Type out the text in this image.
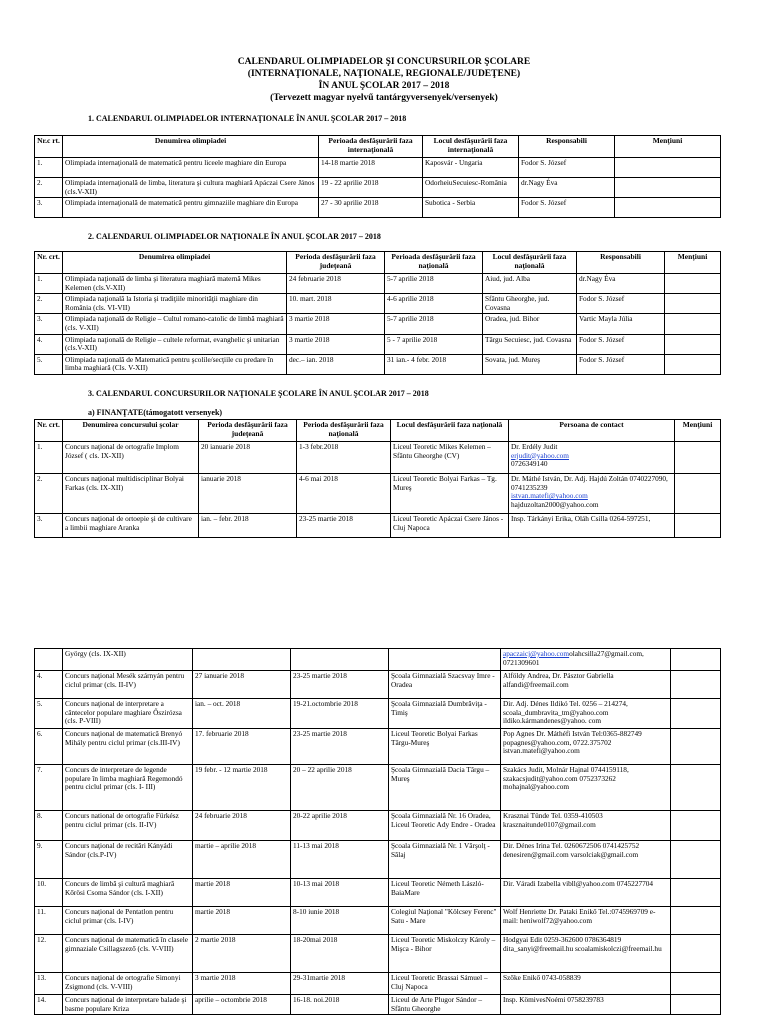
CALENDARUL OLIMPIADELOR ŞI CONCURSURILOR ŞCOLARE
(INTERNAŢIONALE, NAŢIONALE, REGIONALE/JUDEŢENE)
ÎN ANUL ŞCOLAR 2017 – 2018
(Tervezett magyar nyelvű tantárgyversenyek/versenyek)
1. CALENDARUL OLIMPIADELOR INTERNAŢIONALE ÎN ANUL ŞCOLAR 2017 – 2018
Nr.c rt.	Denumirea olimpiadei	Perioada desfăşurării faza internaţională	Locul desfăşurării faza internaţională	Responsabili	Menţiuni
1.	Olimpiada internaţională de matematică pentru liceele maghiare din Europa	14-18 martie 2018	Kaposvár - Ungaria	Fodor S. József	
2.	Olimpiada internaţională de limba, literatura şi cultura maghiară Apáczai Csere János (cls.V-XII)	19 - 22 aprilie 2018	OdorheiuSecuiesc-România	dr.Nagy Éva	
3.	Olimpiada internaţională de matematică pentru gimnaziile maghiare din Europa	27 - 30 aprilie 2018	Subotica - Serbia	Fodor S. József	
2. CALENDARUL OLIMPIADELOR NAŢIONALE ÎN ANUL ŞCOLAR 2017 – 2018
Nr. crt.	Denumirea olimpiadei	Perioda desfăşurării faza judeţeană	Perioada desfăşurării faza naţională	Locul desfăşurării faza naţională	Responsabili	Menţiuni
1.	Olimpiada naţională de limba şi literatura maghiară maternă Mikes Kelemen (cls.V-XII)	24 februarie 2018	5-7 aprilie 2018	Aiud, jud. Alba	dr.Nagy Éva	
2.	Olimpiada naţională la Istoria şi tradiţiile minorităţii maghiare din România (cls. VI-VII)	10. mart. 2018	4-6 aprilie 2018	Sfântu Gheorghe, jud. Covasna	Fodor S. József	
3.	Olimpiada naţională de Religie – Cultul romano-catolic de limbă maghiară (cls. V-XII)	3 martie 2018	5-7 aprilie 2018	Oradea, jud. Bihor	Vartic Mayla Júlia	
4.	Olimpiada naţională de Religie – cultele reformat, evanghelic şi unitarian (cls.V-XII)	3 martie 2018	5 - 7 aprilie 2018	Târgu Secuiesc, jud. Covasna	Fodor S. József	
5.	Olimpiada naţională de Matematică pentru şcolile/secţiile cu predare în limba maghiară (Cls. V-XII)	dec.– ian. 2018	31 ian.- 4 febr. 2018	Sovata, jud. Mureş	Fodor S. József	
3. CALENDARUL CONCURSURILOR NAŢIONALE ŞCOLARE ÎN ANUL ŞCOLAR 2017 – 2018
a) FINANŢATE(támogatott versenyek)
Nr. crt.	Denumirea concursului şcolar	Perioda desfăşurării faza judeţeană	Perioda desfăşurării faza naţională	Locul desfăşurării faza naţională	Persoana de contact	Menţiuni
1.	Concurs naţional de ortografie Implom József ( cls. IX-XII)	20 ianuarie 2018	1-3 febr.2018	Liceul Teoretic Mikes Kelemen – Sfântu Gheorghe (CV)	Dr. Erdély Judit
erjudit@yahoo.com
0726349140	
2.	Concurs naţional multidisciplinar Bolyai Farkas (cls. IX-XII)	ianuarie 2018	4-6 mai 2018	Liceul Teoretic Bolyai Farkas – Tg. Mureş	Dr. Máthé István, Dr. Adj. Hajdú Zoltán 0740227090, 0741235239
istvan.matefi@yahoo.com
hajduzoltan2000@yahoo.com	
3.	Concurs naţional de ortoepie şi de cultivare a limbii maghiare Aranka	ian. – febr. 2018	23-25 martie 2018	Liceul Teoretic Apáczai Csere János - Cluj Napoca	Insp. Tárkányi Erika, Oláh Csilla 0264-597251,	
	György (cls. IX-XII)				apaczaicj@yahoo.comolahcsilla27@gmail.com, 0721309601	
4.	Concurs naţional Mesék szárnyán pentru ciclul primar (cls. II-IV)	27 ianuarie 2018	23-25 martie 2018	Şcoala Gimnazială Szacsvay Imre - Oradea	Alföldy Andrea, Dr. Pásztor Gabriella alfandi@freemail.com	
5.	Concurs naţional de interpretare a cântecelor populare maghiare Őszirózsa (cls. P-VIII)	ian. – oct. 2018	19-21.octombrie 2018	Şcoala Gimnazială Dumbrăviţa - Timiş	Dir. Adj. Dénes Ildikó Tel. 0256 – 214274, scoala_dumbravita_tm@yahoo.com ildiko.kármandenes@yahoo. com	
6.	Concurs naţional de matematică Brenyó Mihály pentru ciclul primar (cls.III-IV)	17. februarie 2018	23-25 martie 2018	Liceul Teoretic Bolyai Farkas Târgu-Mureş	Pop Agnes Dr. Máthéfi István Tel:0365-882749 popagnes@yahoo.com, 0722.375702 istvan.matefi@yahoo.com	
7.	Concurs de interpretare de legende populare în limba maghiară Regemondó pentru ciclul primar (cls. I- III)	19 febr. - 12 martie 2018	20 – 22 aprilie 2018	Şcoala Gimnazială Dacia Târgu – Mureş	Szakács Judit, Molnár Hajnal 0744159118, szakacsjudit@yahoo.com 0752373262 mohajnal@yahoo.com	
8.	Concurs national de ortografie Fürkész pentru ciclul primar (cls. II-IV)	24 februarie 2018	20-22 aprilie 2018	Şcoala Gimnazială Nr. 16 Oradea, Liceul Teoretic Ady Endre - Oradea	Krasznai Tünde Tel. 0359-410503 krasznaitunde0107@gmail.com	
9.	Concurs naţional de recitări Kányádi Sándor (cls.P-IV)	martie – aprilie 2018	11-13 mai 2018	Şcoala Gimnazială Nr. 1 Vârşolţ - Sălaj	Dir. Dénes Irina Tel. 0260672506 0741425752 denesiren@gmail.com varsolciak@gmail.com	
10.	Concurs de limbă şi cultură maghiară Kőrösi Csoma Sándor (cls. I-XII)	martie 2018	10-13 mai 2018	Liceul Teoretic Németh László- BaiaMare	Dir. Váradi Izabella vibll@yahoo.com 0745227704	
11.	Concurs naţional de Pentatlon pentru ciclul primar (cls. I-IV)	martie 2018	8-10 iunie 2018	Colegiul Naţional "Kölcsey Ferenc" Satu - Mare	Wolf Henriette Dr. Pataki Enikő Tel.:0745969709 e-mail: heniwolf72@yahoo.com	
12.	Concurs naţional de matematică în clasele gimnaziale Csillagszező (cls. V-VIII)	2 martie 2018	18-20mai 2018	Liceul Teoretic Miskolczy Károly – Mişca - Bihor	Hodgyai Edit 0259-362600 0786364819 dita_sanyi@freemail.hu scoalamiskolczi@freemail.hu	
13.	Concurs naţional de ortografie Simonyi Zsigmond (cls. V-VIII)	3 martie 2018	29-31martie 2018	Liceul Teoretic Brassai Sámuel – Cluj Napoca	Szőke Enikő 0743-058839	
14.	Concurs naţional de interpretare balade şi basme populare Kriza	aprilie – octombrie 2018	16-18. noi.2018	Liceul de Arte Plugor Sándor – Sfântu Gheorghe	Insp. KömivesNoémi 0758239783	
